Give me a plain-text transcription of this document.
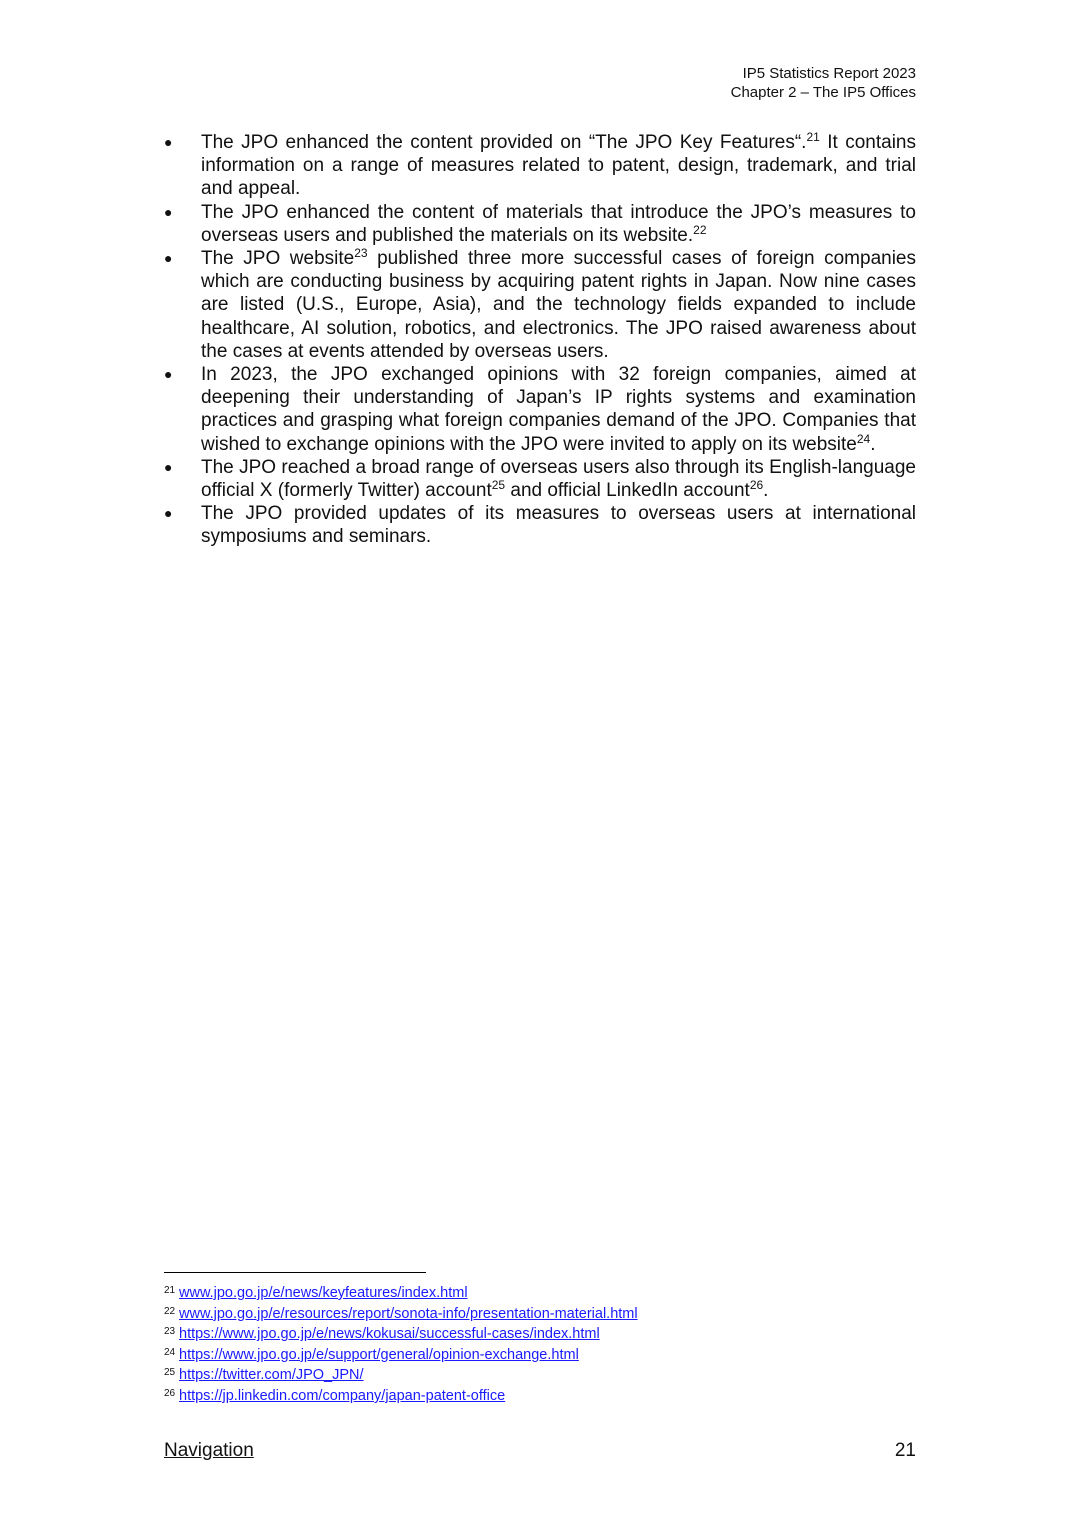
IP5 Statistics Report 2023
Chapter 2 – The IP5 Offices
●	The JPO enhanced the content provided on “The JPO Key Features“.$^{21}$ It contains information on a range of measures related to patent, design, trademark, and trial and appeal.
●	The JPO enhanced the content of materials that introduce the JPO’s measures to overseas users and published the materials on its website.$^{22}$
●	The JPO website$^{23}$ published three more successful cases of foreign companies which are conducting business by acquiring patent rights in Japan. Now nine cases are listed (U.S., Europe, Asia), and the technology fields expanded to include healthcare, AI solution, robotics, and electronics. The JPO raised awareness about the cases at events attended by overseas users.
●	In 2023, the JPO exchanged opinions with 32 foreign companies, aimed at deepening their understanding of Japan’s IP rights systems and examination practices and grasping what foreign companies demand of the JPO. Companies that wished to exchange opinions with the JPO were invited to apply on its website$^{24}$.
●	The JPO reached a broad range of overseas users also through its English-language official X (formerly Twitter) account$^{25}$ and official LinkedIn account$^{26}$.
●	The JPO provided updates of its measures to overseas users at international symposiums and seminars.
21 www.jpo.go.jp/e/news/keyfeatures/index.html
22 www.jpo.go.jp/e/resources/report/sonota-info/presentation-material.html
23 https://www.jpo.go.jp/e/news/kokusai/successful-cases/index.html
24 https://www.jpo.go.jp/e/support/general/opinion-exchange.html
25 https://twitter.com/JPO_JPN/
26 https://jp.linkedin.com/company/japan-patent-office
Navigation	21
